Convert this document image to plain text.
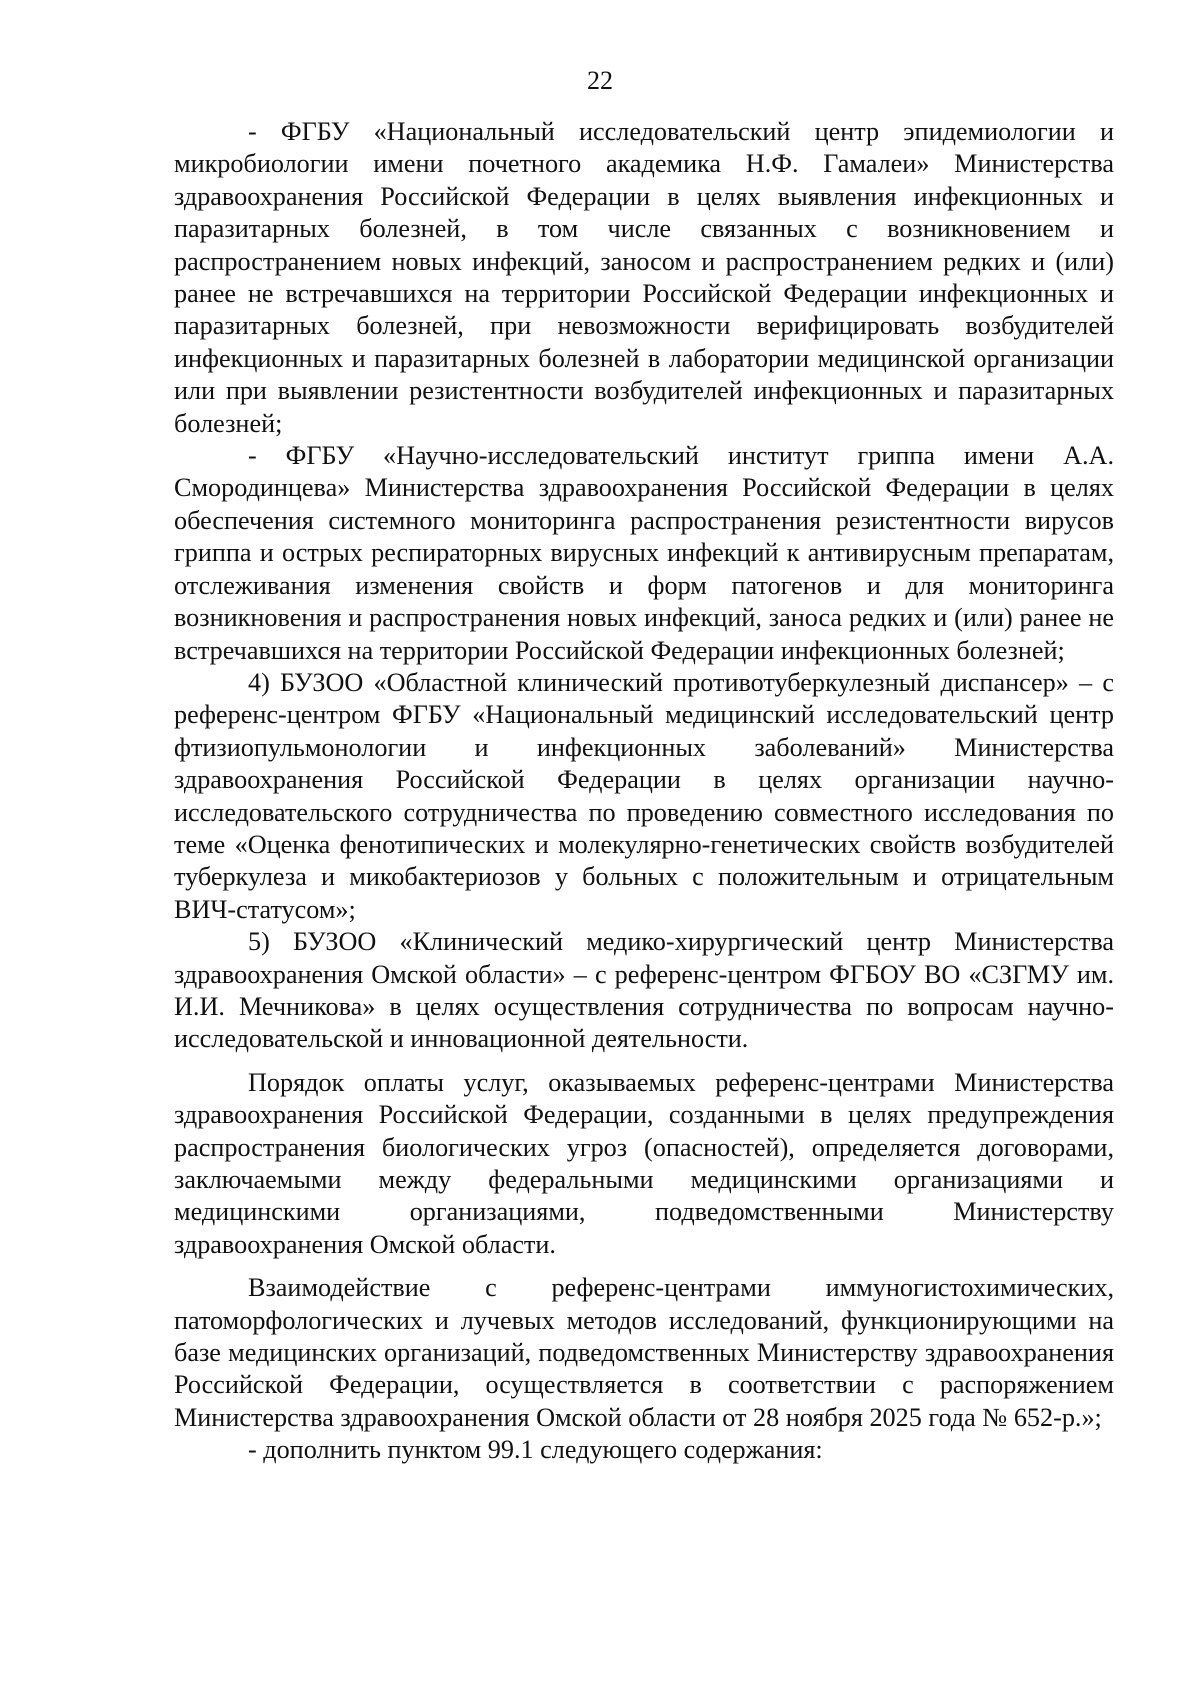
22

- ФГБУ «Национальный исследовательский центр эпидемиологии и микробиологии имени почетного академика Н.Ф. Гамалеи» Министерства здравоохранения Российской Федерации в целях выявления инфекционных и паразитарных болезней, в том числе связанных с возникновением и распространением новых инфекций, заносом и распространением редких и (или) ранее не встречавшихся на территории Российской Федерации инфекционных и паразитарных болезней, при невозможности верифицировать возбудителей инфекционных и паразитарных болезней в лаборатории медицинской организации или при выявлении резистентности возбудителей инфекционных и паразитарных болезней;

- ФГБУ «Научно-исследовательский институт гриппа имени А.А. Смородинцева» Министерства здравоохранения Российской Федерации в целях обеспечения системного мониторинга распространения резистентности вирусов гриппа и острых респираторных вирусных инфекций к антивирусным препаратам, отслеживания изменения свойств и форм патогенов и для мониторинга возникновения и распространения новых инфекций, заноса редких и (или) ранее не встречавшихся на территории Российской Федерации инфекционных болезней;

4) БУЗОО «Областной клинический противотуберкулезный диспансер» – с референс-центром ФГБУ «Национальный медицинский исследовательский центр фтизиопульмонологии и инфекционных заболеваний» Министерства здравоохранения Российской Федерации в целях организации научно-исследовательского сотрудничества по проведению совместного исследования по теме «Оценка фенотипических и молекулярно-генетических свойств возбудителей туберкулеза и микобактериозов у больных с положительным и отрицательным ВИЧ-статусом»;

5) БУЗОО «Клинический медико-хирургический центр Министерства здравоохранения Омской области» – с референс-центром ФГБОУ ВО «СЗГМУ им. И.И. Мечникова» в целях осуществления сотрудничества по вопросам научно-исследовательской и инновационной деятельности.

Порядок оплаты услуг, оказываемых референс-центрами Министерства здравоохранения Российской Федерации, созданными в целях предупреждения распространения биологических угроз (опасностей), определяется договорами, заключаемыми между федеральными медицинскими организациями и медицинскими организациями, подведомственными Министерству здравоохранения Омской области.

Взаимодействие с референс-центрами иммуногистохимических, патоморфологических и лучевых методов исследований, функционирующими на базе медицинских организаций, подведомственных Министерству здравоохранения Российской Федерации, осуществляется в соответствии с распоряжением Министерства здравоохранения Омской области от 28 ноября 2025 года № 652-р.»;

- дополнить пунктом 99.1 следующего содержания:
